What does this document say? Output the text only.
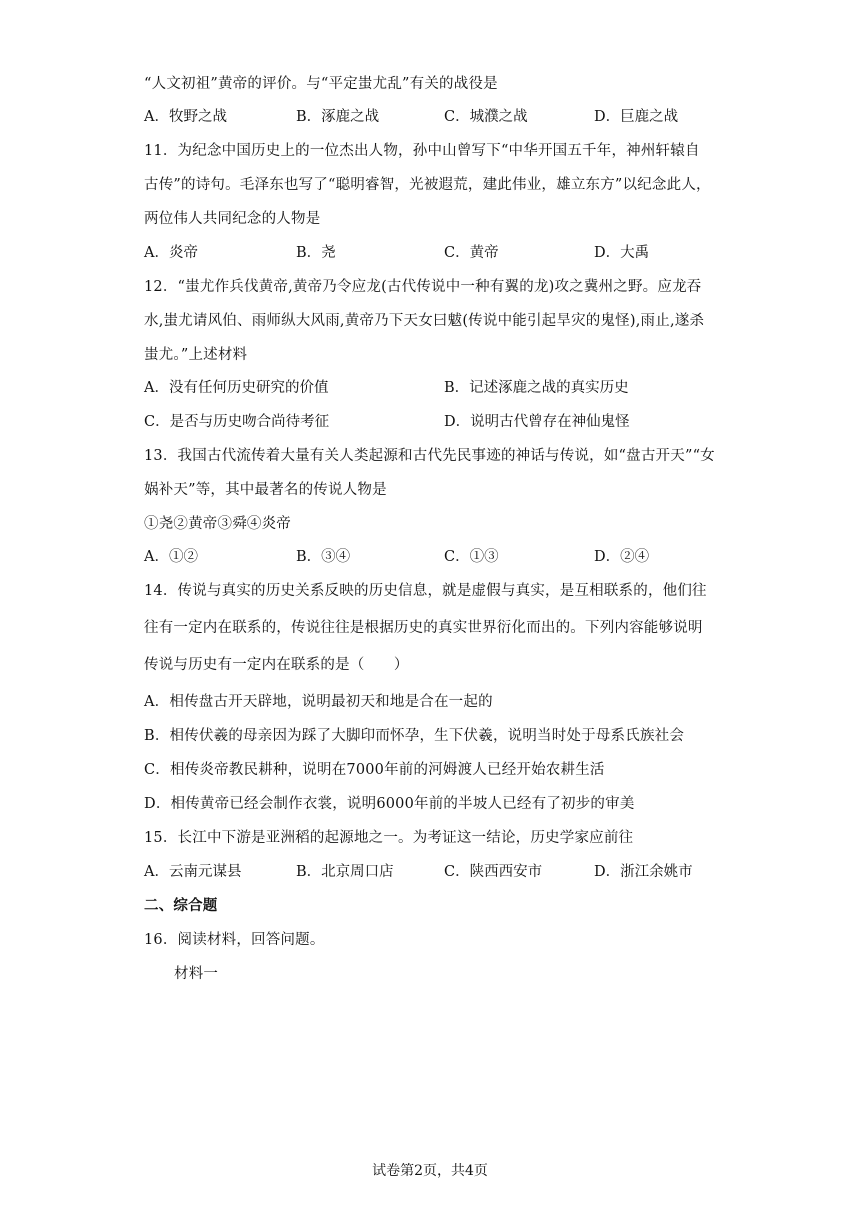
“人文初祖”黄帝的评价。与“平定蚩尤乱”有关的战役是
A．牧野之战	B．涿鹿之战	C．城濮之战	D．巨鹿之战
11．为纪念中国历史上的一位杰出人物，孙中山曾写下“中华开国五千年，神州轩辕自
古传”的诗句。毛泽东也写了“聪明睿智，光被遐荒，建此伟业，雄立东方”以纪念此人，
两位伟人共同纪念的人物是
A．炎帝	B．尧	C．黄帝	D．大禹
12．“蚩尤作兵伐黄帝,黄帝乃令应龙(古代传说中一种有翼的龙)攻之冀州之野。应龙吞
水,蚩尤请风伯、雨师纵大风雨,黄帝乃下天女曰魃(传说中能引起旱灾的鬼怪),雨止,遂杀
蚩尤。”上述材料
A．没有任何历史研究的价值	B．记述涿鹿之战的真实历史
C．是否与历史吻合尚待考征	D．说明古代曾存在神仙鬼怪
13．我国古代流传着大量有关人类起源和古代先民事迹的神话与传说，如“盘古开天”“女
娲补天”等，其中最著名的传说人物是
①尧②黄帝③舜④炎帝
A．①②	B．③④	C．①③	D．②④
14．传说与真实的历史关系反映的历史信息，就是虚假与真实，是互相联系的，他们往
往有一定内在联系的，传说往往是根据历史的真实世界衍化而出的。下列内容能够说明
传说与历史有一定内在联系的是（　　）
A．相传盘古开天辟地，说明最初天和地是合在一起的
B．相传伏羲的母亲因为踩了大脚印而怀孕，生下伏羲，说明当时处于母系氏族社会
C．相传炎帝教民耕种，说明在7000年前的河姆渡人已经开始农耕生活
D．相传黄帝已经会制作衣裳，说明6000年前的半坡人已经有了初步的审美
15．长江中下游是亚洲稻的起源地之一。为考证这一结论，历史学家应前往
A．云南元谋县	B．北京周口店	C．陕西西安市	D．浙江余姚市
二、综合题
16．阅读材料，回答问题。
材料一
试卷第2页，共4页
